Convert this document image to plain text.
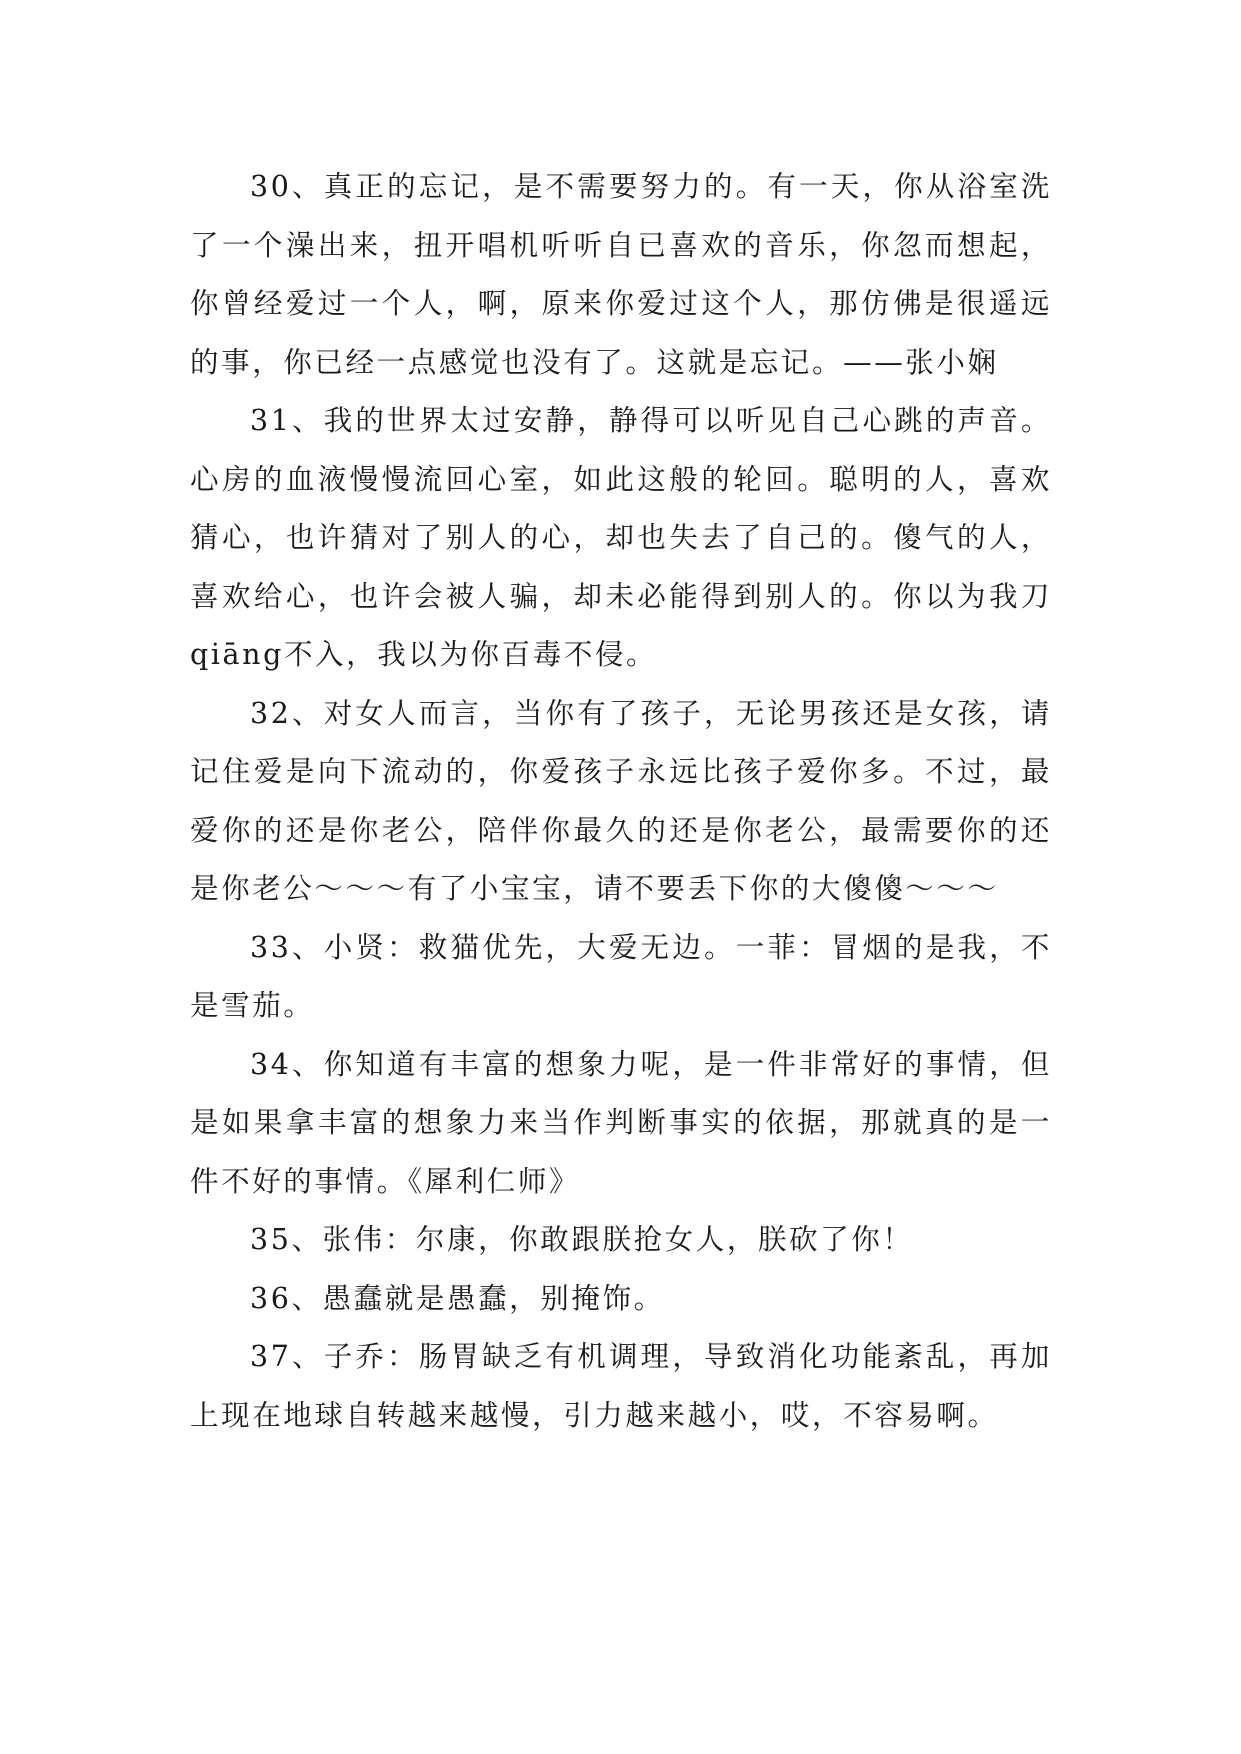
30、真正的忘记，是不需要努力的。有一天，你从浴室洗了一个澡出来，扭开唱机听听自已喜欢的音乐，你忽而想起，你曾经爱过一个人，啊，原来你爱过这个人，那仿佛是很遥远的事，你已经一点感觉也没有了。这就是忘记。——张小娴

31、我的世界太过安静，静得可以听见自己心跳的声音。心房的血液慢慢流回心室，如此这般的轮回。聪明的人，喜欢猜心，也许猜对了别人的心，却也失去了自己的。傻气的人，喜欢给心，也许会被人骗，却未必能得到别人的。你以为我刀qiāng不入，我以为你百毒不侵。

32、对女人而言，当你有了孩子，无论男孩还是女孩，请记住爱是向下流动的，你爱孩子永远比孩子爱你多。不过，最爱你的还是你老公，陪伴你最久的还是你老公，最需要你的还是你老公～～～有了小宝宝，请不要丢下你的大傻傻～～～

33、小贤：救猫优先，大爱无边。一菲：冒烟的是我，不是雪茄。

34、你知道有丰富的想象力呢，是一件非常好的事情，但是如果拿丰富的想象力来当作判断事实的依据，那就真的是一件不好的事情。《犀利仁师》

35、张伟：尔康，你敢跟朕抢女人，朕砍了你！

36、愚蠢就是愚蠢，别掩饰。

37、子乔：肠胃缺乏有机调理，导致消化功能紊乱，再加上现在地球自转越来越慢，引力越来越小，哎，不容易啊。
